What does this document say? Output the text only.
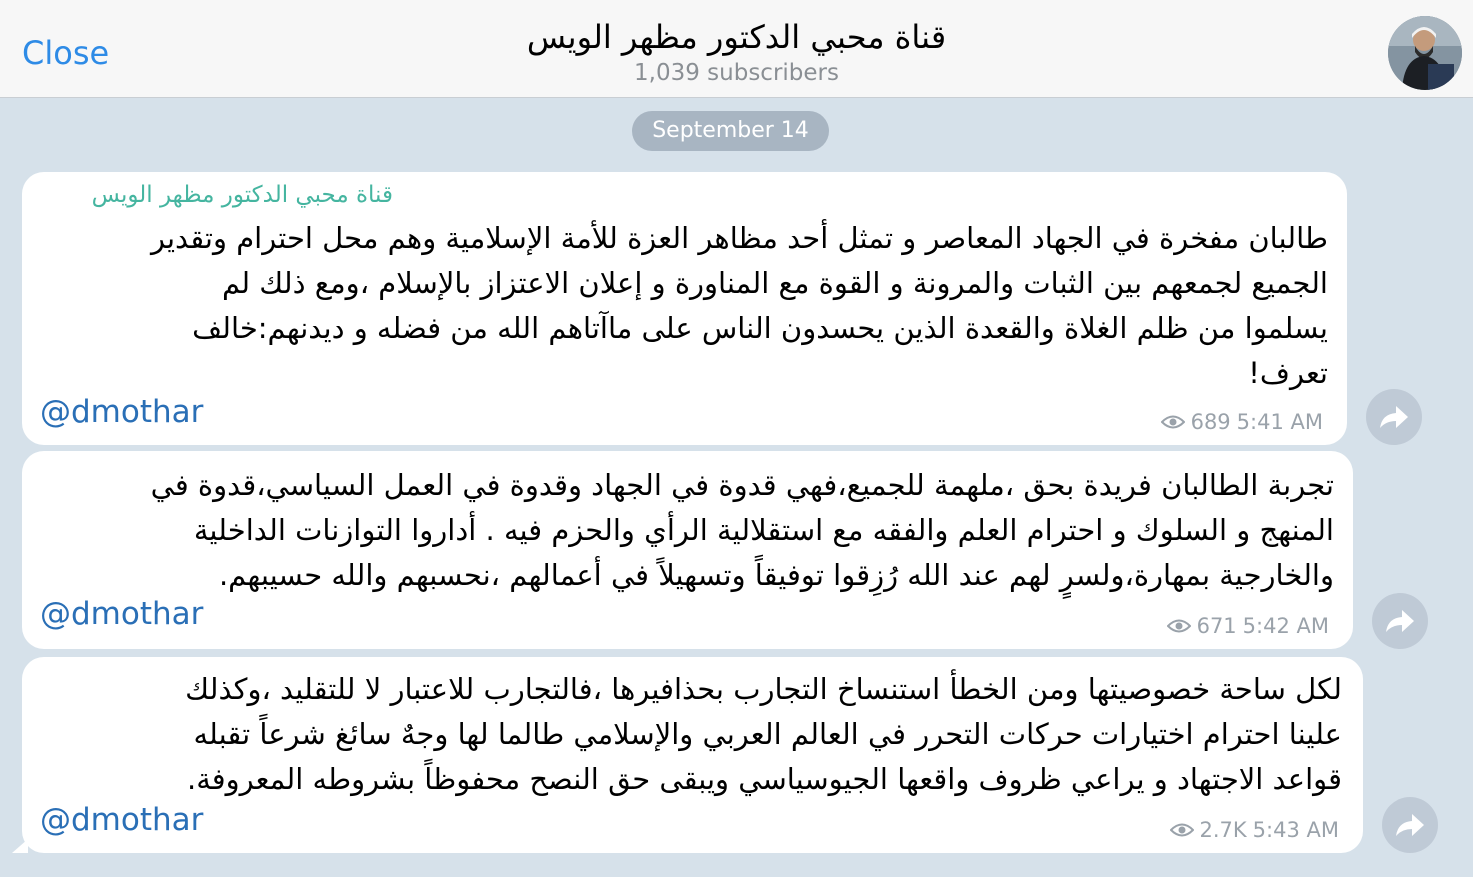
Close	قناة محبي الدكتور مظهر الويس
1,039 subscribers
September 14
قناة محبي الدكتور مظهر الويس
طالبان مفخرة في الجهاد المعاصر و تمثل أحد مظاهر العزة للأمة الإسلامية وهم محل احترام وتقدير
الجميع لجمعهم بين الثبات والمرونة و القوة مع المناورة و إعلان الاعتزاز بالإسلام ،ومع ذلك لم
يسلموا من ظلم الغلاة والقعدة الذين يحسدون الناس على ماآتاهم الله من فضله و ديدنهم:خالف
تعرف!
@dmothar	689 5:41 AM
تجربة الطالبان فريدة بحق ،ملهمة للجميع،فهي قدوة في الجهاد وقدوة في العمل السياسي،قدوة في
المنهج و السلوك و احترام العلم والفقه مع استقلالية الرأي والحزم فيه . أداروا التوازنات الداخلية
والخارجية بمهارة،ولسرٍ لهم عند الله رُزِقوا توفيقاً وتسهيلاً في أعمالهم ،نحسبهم والله حسيبهم.
@dmothar	671 5:42 AM
لكل ساحة خصوصيتها ومن الخطأ استنساخ التجارب بحذافيرها ،فالتجارب للاعتبار لا للتقليد ،وكذلك
علينا احترام اختيارات حركات التحرر في العالم العربي والإسلامي طالما لها وجهٌ سائغ شرعاً تقبله
قواعد الاجتهاد و يراعي ظروف واقعها الجيوسياسي ويبقى حق النصح محفوظاً بشروطه المعروفة.
@dmothar	2.7K 5:43 AM
